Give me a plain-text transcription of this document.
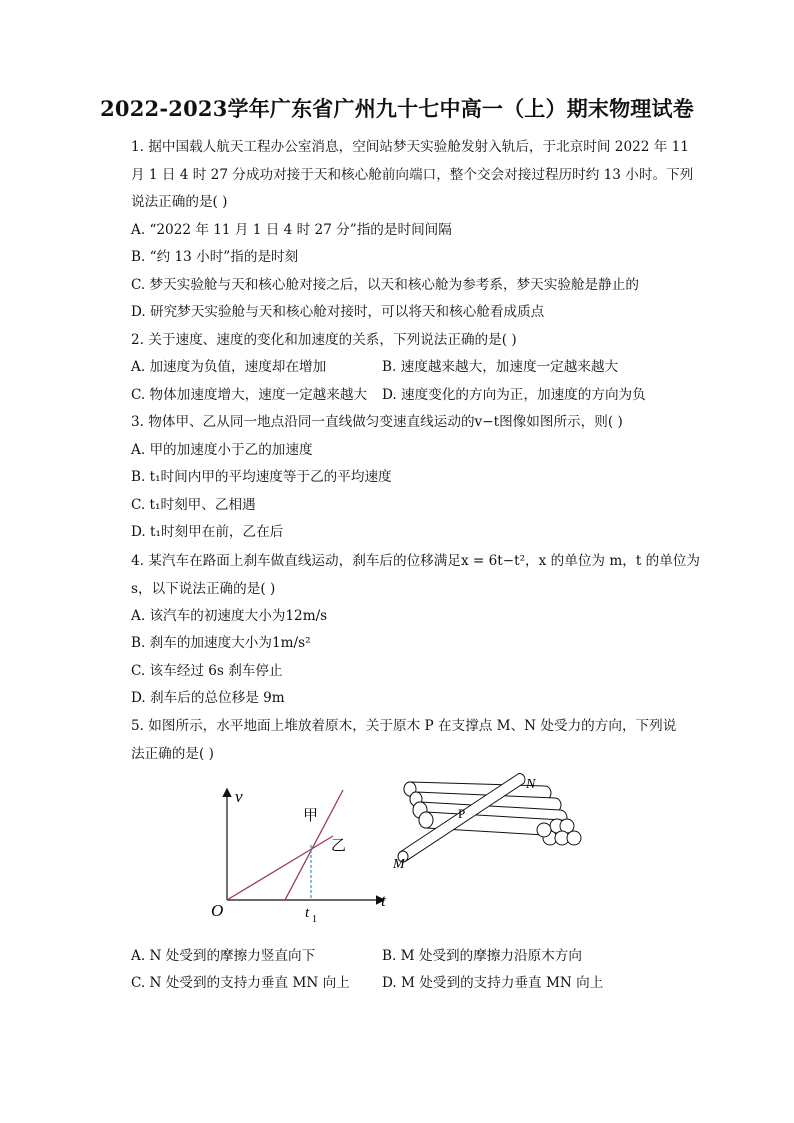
2022-2023学年广东省广州九十七中高一（上）期末物理试卷
1. 据中国载人航天工程办公室消息，空间站梦天实验舱发射入轨后，于北京时间 2022 年 11
月 1 日 4 时 27 分成功对接于天和核心舱前向端口，整个交会对接过程历时约 13 小时。下列
说法正确的是( )
A. “2022 年 11 月 1 日 4 时 27 分”指的是时间间隔
B. “约 13 小时”指的是时刻
C. 梦天实验舱与天和核心舱对接之后，以天和核心舱为参考系，梦天实验舱是静止的
D. 研究梦天实验舱与天和核心舱对接时，可以将天和核心舱看成质点
2. 关于速度、速度的变化和加速度的关系，下列说法正确的是( )
A. 加速度为负值，速度却在增加	B. 速度越来越大，加速度一定越来越大
C. 物体加速度增大，速度一定越来越大 D. 速度变化的方向为正，加速度的方向为负
3. 物体甲、乙从同一地点沿同一直线做匀变速直线运动的v−t图像如图所示，则( )
A. 甲的加速度小于乙的加速度
B. t₁时间内甲的平均速度等于乙的平均速度
C. t₁时刻甲、乙相遇
D. t₁时刻甲在前，乙在后
4. 某汽车在路面上刹车做直线运动，刹车后的位移满足x = 6t−t²，x 的单位为 m，t 的单位为
s，以下说法正确的是( )
A. 该汽车的初速度大小为12m/s
B. 刹车的加速度大小为1m/s²
C. 该车经过 6s 刹车停止
D. 刹车后的总位移是 9m
5. 如图所示，水平地面上堆放着原木，关于原木 P 在支撑点 M、N 处受力的方向，下列说
法正确的是( )
v
t
O
甲
乙
t 1
N
P
M
A. N 处受到的摩擦力竖直向下	B. M 处受到的摩擦力沿原木方向
C. N 处受到的支持力垂直 MN 向上 D. M 处受到的支持力垂直 MN 向上
